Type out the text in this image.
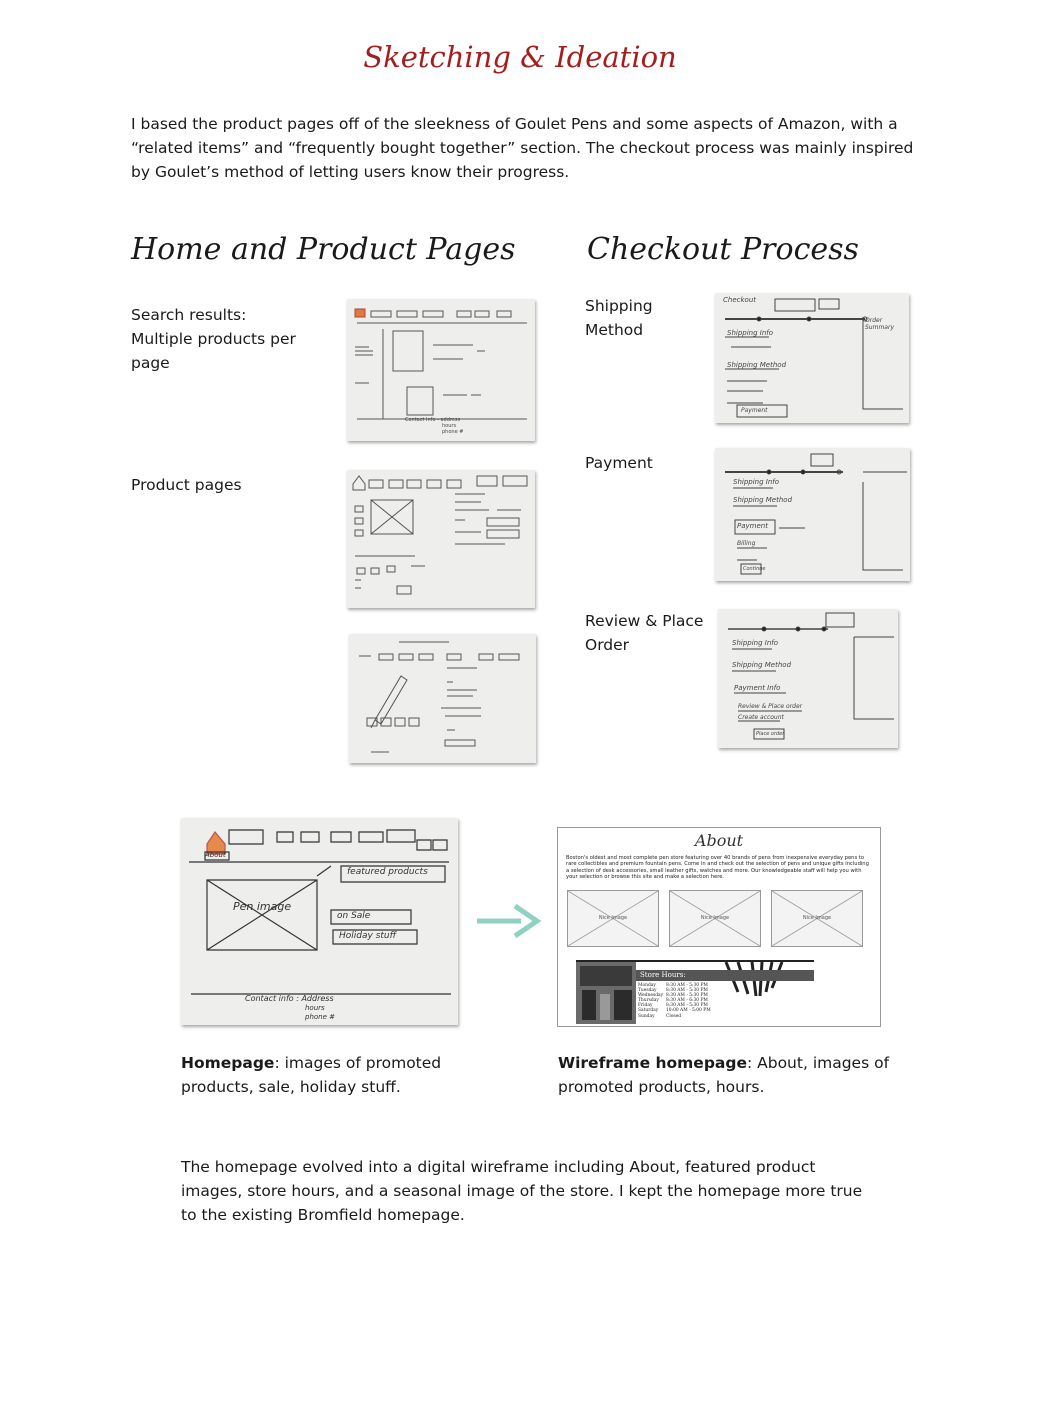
Sketching & Ideation
I based the product pages off of the sleekness of Goulet Pens and some aspects of Amazon, with a “related items” and “frequently bought together” section. The checkout process was mainly inspired by Goulet’s method of letting users know their progress.
Home and Product Pages Checkout Process
Search results:
Multiple products per page
Product pages
Shipping
Method
Payment
Review & Place
Order
Contact Info - address
hours
phone #
Checkout
Shipping Info
Shipping Method
Payment
Order Summary
Shipping Info
Shipping Method
Payment
Billing
Continue
Shipping Info
Shipping Method
Payment Info
Review & Place order
Create account
Place order
About
featured products
on Sale
Holiday stuff
Pen image
Contact info : Address
hours
phone #
About
Boston's oldest and most complete pen store featuring over 40 brands of pens from inexpensive everyday pens to rare collectibles and premium fountain pens. Come in and check out the selection of pens and unique gifts including a selection of desk accessories, small leather gifts, watches and more. Our knowledgeable staff will help you with your selection or browse this site and make a selection here.
Nice Image	Nice Image	Nice Image
Store Hours:
Monday 8:30 AM - 5:30 PM
Tuesday 8:30 AM - 5:30 PM
Wednesday 8:30 AM - 5:30 PM
Thursday 8:30 AM - 6:30 PM
Friday	8:30 AM - 5:30 PM
Saturday 10:00 AM - 5:00 PM
Sunday	Closed
Homepage: images of promoted products, sale, holiday stuff.
Wireframe homepage: About, images of promoted products, hours.
The homepage evolved into a digital wireframe including About, featured product images, store hours, and a seasonal image of the store. I kept the homepage more true to the existing Bromfield homepage.
